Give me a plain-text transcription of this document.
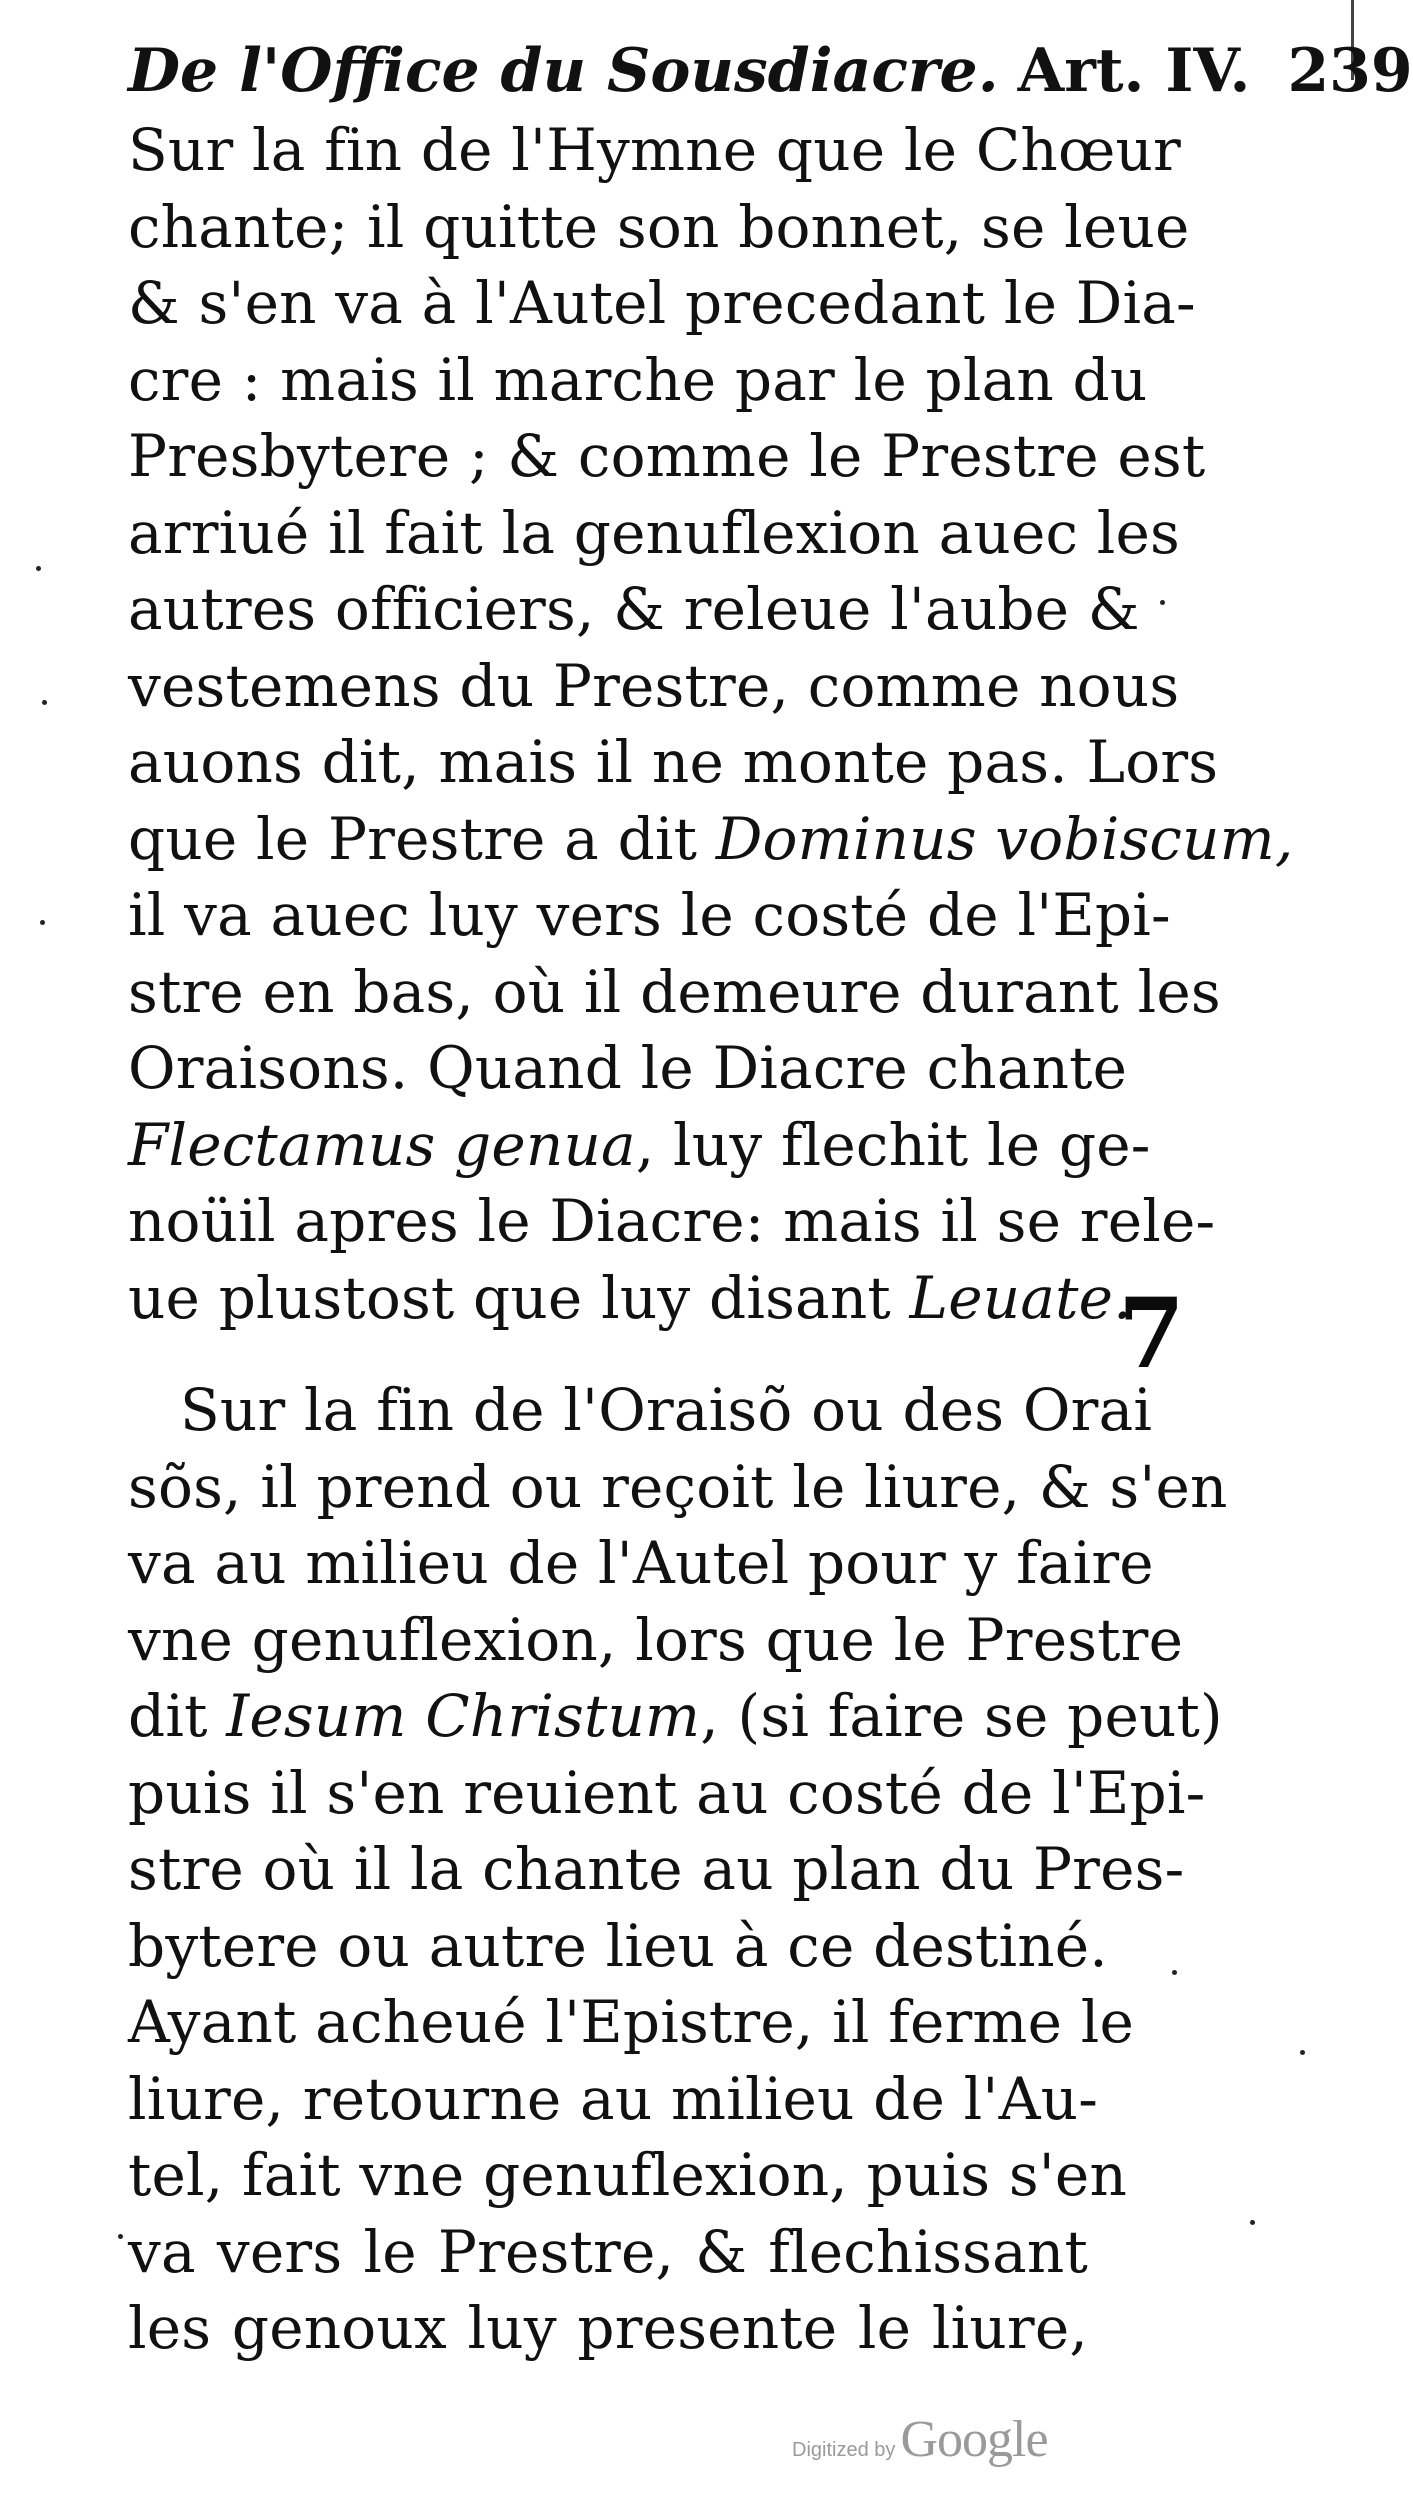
De l'Office du Sousdiacre. Art. IV. 239
Sur la fin de l'Hymne que le Chœur
chante; il quitte son bonnet, se leue
& s'en va à l'Autel precedant le Dia-
cre : mais il marche par le plan du
Presbytere ; & comme le Prestre est
arriué il fait la genuflexion auec les
autres officiers, & releue l'aube &
vestemens du Prestre, comme nous
auons dit, mais il ne monte pas. Lors
que le Prestre a dit Dominus vobiscum,
il va auec luy vers le costé de l'Epi-
stre en bas, où il demeure durant les
Oraisons. Quand le Diacre chante
Flectamus genua, luy flechit le ge-
noüil apres le Diacre: mais il se rele-
ue plustost que luy disant Leuate.
Sur la fin de l'Oraisõ ou des Orai
sõs, il prend ou reçoit le liure, & s'en
va au milieu de l'Autel pour y faire
vne genuflexion, lors que le Prestre
dit Iesum Christum, (si faire se peut)
puis il s'en reuient au costé de l'Epi-
stre où il la chante au plan du Pres-
bytere ou autre lieu à ce destiné.
Ayant acheué l'Epistre, il ferme le
liure, retourne au milieu de l'Au-
tel, fait vne genuflexion, puis s'en
va vers le Prestre, & flechissant
les genoux luy presente le liure,
7
Digitized by Google
